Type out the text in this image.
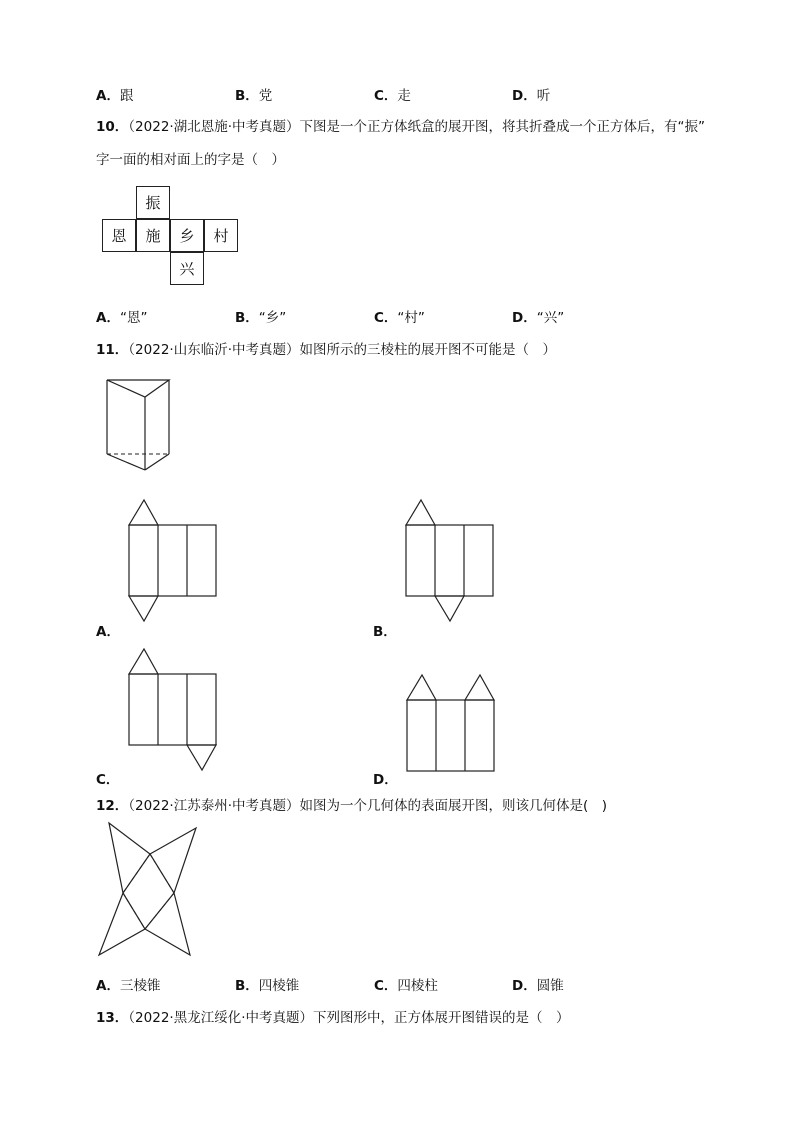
A．跟	B．党	C．走	D．听
10．（2022·湖北恩施·中考真题）下图是一个正方体纸盒的展开图，将其折叠成一个正方体后，有“振”
字一面的相对面上的字是（　）
振
恩	施	乡	村
兴
A．“恩”	B．“乡”	C．“村”	D．“兴”
11．（2022·山东临沂·中考真题）如图所示的三棱柱的展开图不可能是（　）
A．	B．
C．	D．
12．（2022·江苏泰州·中考真题）如图为一个几何体的表面展开图，则该几何体是(　)
A．三棱锥	B．四棱锥	C．四棱柱	D．圆锥
13．（2022·黑龙江绥化·中考真题）下列图形中，正方体展开图错误的是（　）
